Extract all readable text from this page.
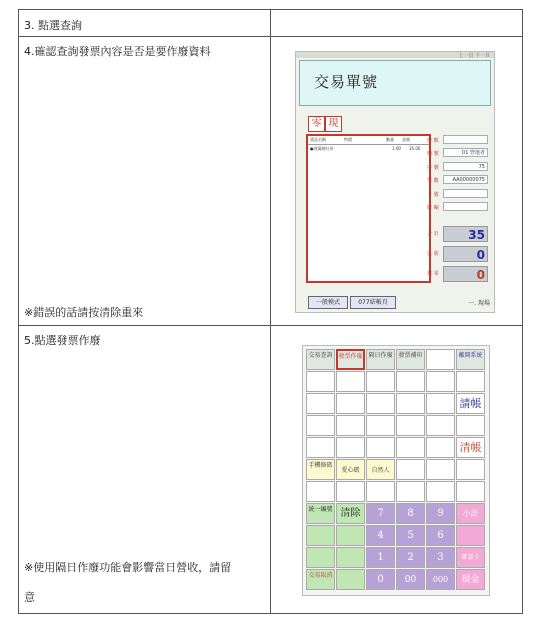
3. 點選查詢
4.確認查詢發票內容是否是要作廢資料
※錯誤的話請按清除重來
上一頁 下一頁
交易單號
零 現
貨品名稱	特價	數量 金額
●阿薩姆紅茶	1.00 35.00
營 額
機 號
序 號
筆 數
卡 號
統 編
合 計
已 收
找 零
01 營運者
75
AA00000075
35
0
0
一般模式	077結帳頁	一. 現場
5.點選發票作廢
※使用隔日作廢功能會影響當日營收，請留
意
交易查詢 發票作廢 隔日作廢 發票補印	離開系統
請帳
清帳
手機條碼
愛心碼	自然人
統一編號 清除	7	8	9	小計
4	5	6
1	2	3	確認卡
交易取消	0	00	000	現金
